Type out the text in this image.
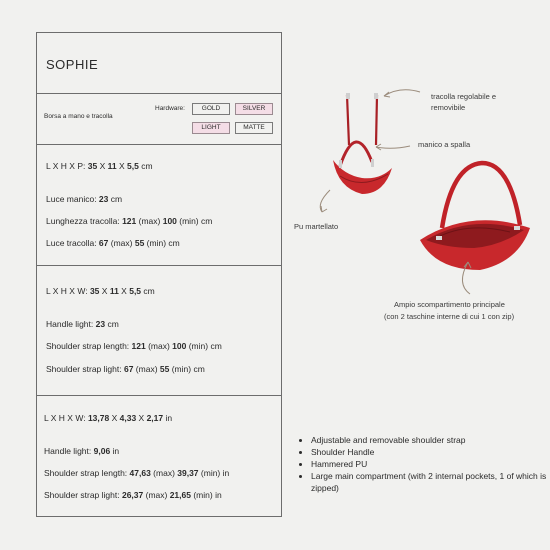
SOPHIE
Borsa a mano e tracolla
Hardware:	GOLD	SILVER
LIGHT	MATTE
L X H X P: 35 X 11 X 5,5 cm
Luce manico: 23 cm
Lunghezza tracolla: 121 (max) 100 (min) cm
Luce tracolla: 67 (max) 55 (min) cm
L X H X W: 35 X 11 X 5,5 cm
Handle light: 23 cm
Shoulder strap length: 121 (max) 100 (min) cm
Shoulder strap light: 67 (max) 55 (min) cm
L X H X W: 13,78 X 4,33 X 2,17 in
Handle light: 9,06 in
Shoulder strap length: 47,63 (max) 39,37 (min) in
Shoulder strap light: 26,37 (max) 21,65 (min) in
tracolla regolabile e
removibile
manico a spalla
Pu martellato
Ampio scompartimento principale
(con 2 taschine interne di cui 1 con zip)
• Adjustable and removable shoulder strap
• Shoulder Handle
• Hammered PU
• Large main compartment (with 2 internal pockets, 1 of which is zipped)
